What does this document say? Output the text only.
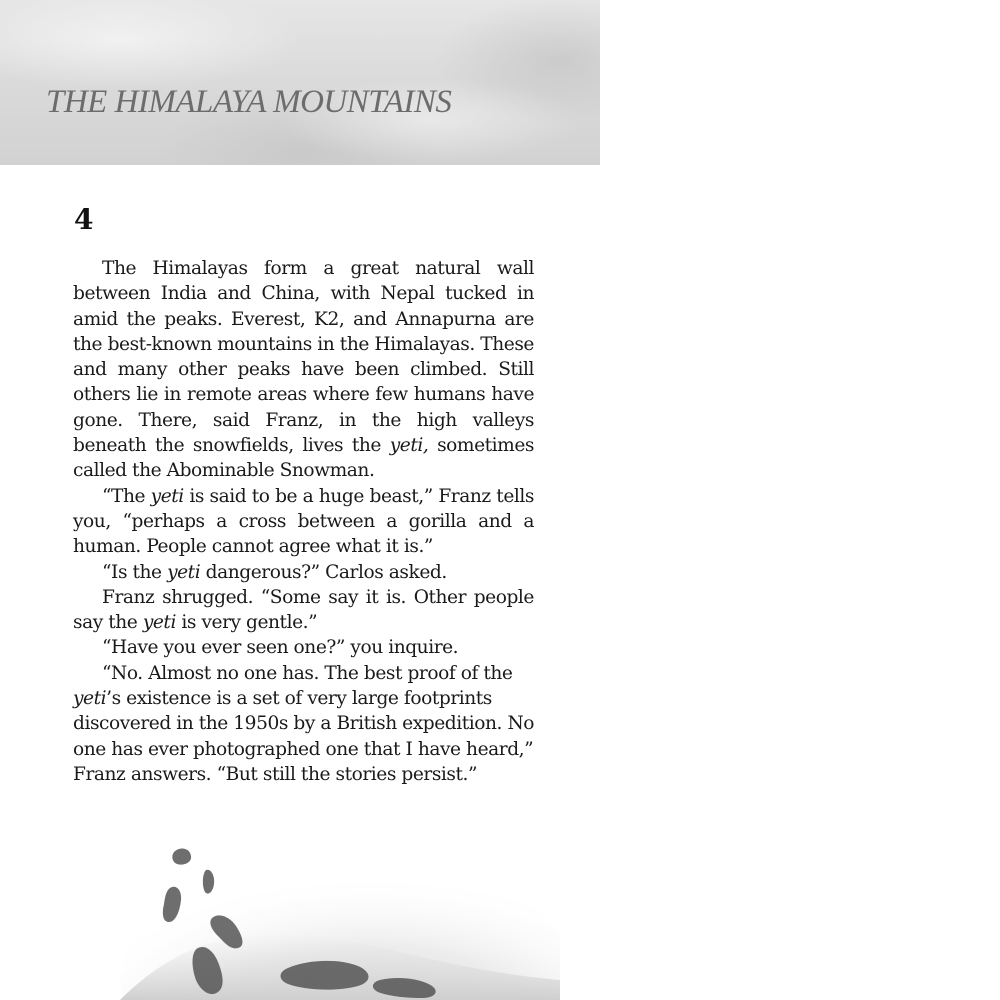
THE HIMALAYA MOUNTAINS
4

The Himalayas form a great natural wall between India and China, with Nepal tucked in amid the peaks. Everest, K2, and Annapurna are the best-known mountains in the Himalayas. These and many other peaks have been climbed. Still others lie in remote areas where few humans have gone. There, said Franz, in the high valleys beneath the snowfields, lives the yeti, sometimes called the Abominable Snowman.

“The yeti is said to be a huge beast,” Franz tells you, “perhaps a cross between a gorilla and a human. People cannot agree what it is.”

“Is the yeti dangerous?” Carlos asked.

Franz shrugged. “Some say it is. Other people say the yeti is very gentle.”

“Have you ever seen one?” you inquire.

“No. Almost no one has. The best proof of the yeti’s existence is a set of very large footprints discovered in the 1950s by a British expedition. No one has ever photographed one that I have heard,” Franz answers. “But still the stories persist.”
